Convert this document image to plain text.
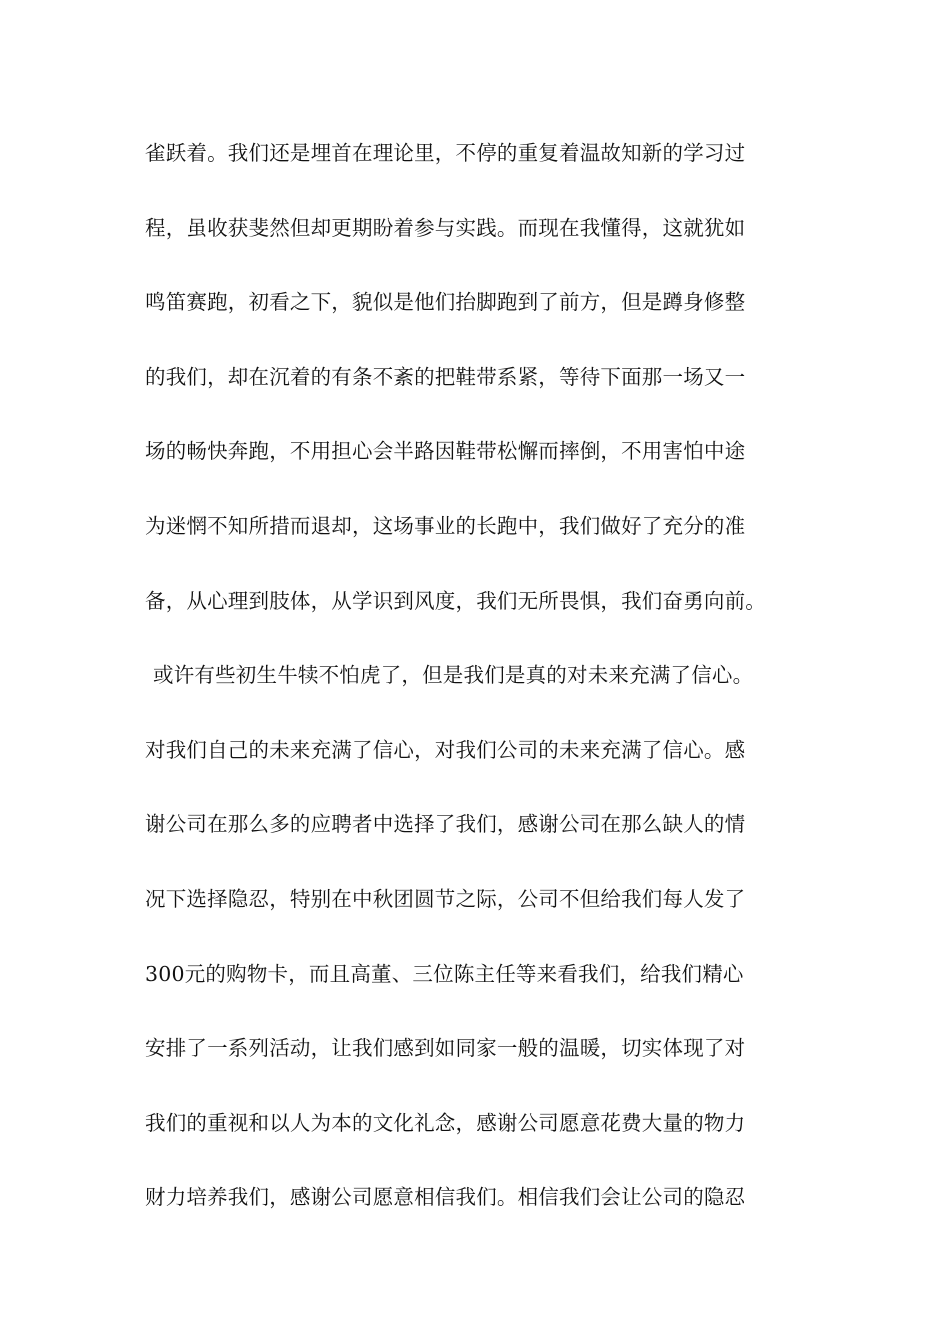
雀跃着。我们还是埋首在理论里，不停的重复着温故知新的学习过
程，虽收获斐然但却更期盼着参与实践。而现在我懂得，这就犹如
鸣笛赛跑，初看之下，貌似是他们抬脚跑到了前方，但是蹲身修整
的我们，却在沉着的有条不紊的把鞋带系紧，等待下面那一场又一
场的畅快奔跑，不用担心会半路因鞋带松懈而摔倒，不用害怕中途
为迷惘不知所措而退却，这场事业的长跑中，我们做好了充分的准
备，从心理到肢体，从学识到风度，我们无所畏惧，我们奋勇向前。
或许有些初生牛犊不怕虎了，但是我们是真的对未来充满了信心。
对我们自己的未来充满了信心，对我们公司的未来充满了信心。感
谢公司在那么多的应聘者中选择了我们，感谢公司在那么缺人的情
况下选择隐忍，特别在中秋团圆节之际，公司不但给我们每人发了
300元的购物卡，而且高董、三位陈主任等来看我们，给我们精心
安排了一系列活动，让我们感到如同家一般的温暖，切实体现了对
我们的重视和以人为本的文化礼念，感谢公司愿意花费大量的物力
财力培养我们，感谢公司愿意相信我们。相信我们会让公司的隐忍
